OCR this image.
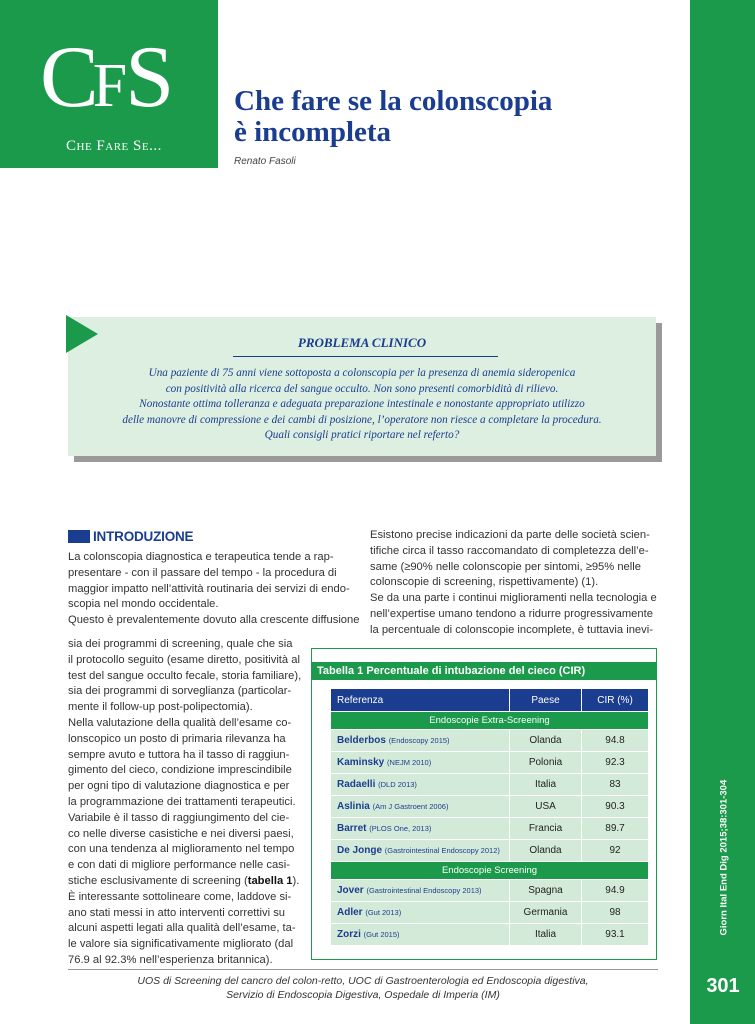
CFS
Che Fare Se...
Giorn Ital End Dig 2015;38:301-304
301
Che fare se la colonscopia
è incompleta
Renato Fasoli
PROBLEMA CLINICO
Una paziente di 75 anni viene sottoposta a colonscopia per la presenza di anemia sideropenica
con positività alla ricerca del sangue occulto. Non sono presenti comorbidità di rilievo.
Nonostante ottima tolleranza e adeguata preparazione intestinale e nonostante appropriato utilizzo
delle manovre di compressione e dei cambi di posizione, l’operatore non riesce a completare la procedura.
Quali consigli pratici riportare nel referto?
INTRODUZIONE
La colonscopia diagnostica e terapeutica tende a rap-
presentare - con il passare del tempo - la procedura di
maggior impatto nell’attività routinaria dei servizi di endo-
scopia nel mondo occidentale.
Questo è prevalentemente dovuto alla crescente diffusione
sia dei programmi di screening, quale che sia
il protocollo seguito (esame diretto, positività al
test del sangue occulto fecale, storia familiare),
sia dei programmi di sorveglianza (particolar-
mente il follow-up post-polipectomia).
Nella valutazione della qualità dell’esame co-
lonscopico un posto di primaria rilevanza ha
sempre avuto e tuttora ha il tasso di raggiun-
gimento del cieco, condizione imprescindibile
per ogni tipo di valutazione diagnostica e per
la programmazione dei trattamenti terapeutici.
Variabile è il tasso di raggiungimento del cie-
co nelle diverse casistiche e nei diversi paesi,
con una tendenza al miglioramento nel tempo
e con dati di migliore performance nelle casi-
stiche esclusivamente di screening (tabella 1).
È interessante sottolineare come, laddove si-
ano stati messi in atto interventi correttivi su
alcuni aspetti legati alla qualità dell’esame, ta-
le valore sia significativamente migliorato (dal
76.9 al 92.3% nell’esperienza britannica).
Esistono precise indicazioni da parte delle società scien-
tifiche circa il tasso raccomandato di completezza dell’e-
same (≥90% nelle colonscopie per sintomi, ≥95% nelle
colonscopie di screening, rispettivamente) (1).
Se da una parte i continui miglioramenti nella tecnologia e
nell’expertise umano tendono a ridurre progressivamente
la percentuale di colonscopie incomplete, è tuttavia inevi-
Tabella 1 Percentuale di intubazione del cieco (CIR)
Referenza	Paese	CIR (%)
Endoscopie Extra-Screening		
Belderbos (Endoscopy 2015)	Olanda	94.8
Kaminsky (NEJM 2010)	Polonia	92.3
Radaelli (DLD 2013)	Italia	83
Aslinia (Am J Gastroent 2006)	USA	90.3
Barret (PLOS One, 2013)	Francia	89.7
De Jonge (Gastrointestinal Endoscopy 2012)	Olanda	92
Endoscopie Screening		
Jover (Gastrointestinal Endoscopy 2013)	Spagna	94.9
Adler (Gut 2013)	Germania	98
Zorzi (Gut 2015)	Italia	93.1
UOS di Screening del cancro del colon-retto, UOC di Gastroenterologia ed Endoscopia digestiva,
Servizio di Endoscopia Digestiva, Ospedale di Imperia (IM)
